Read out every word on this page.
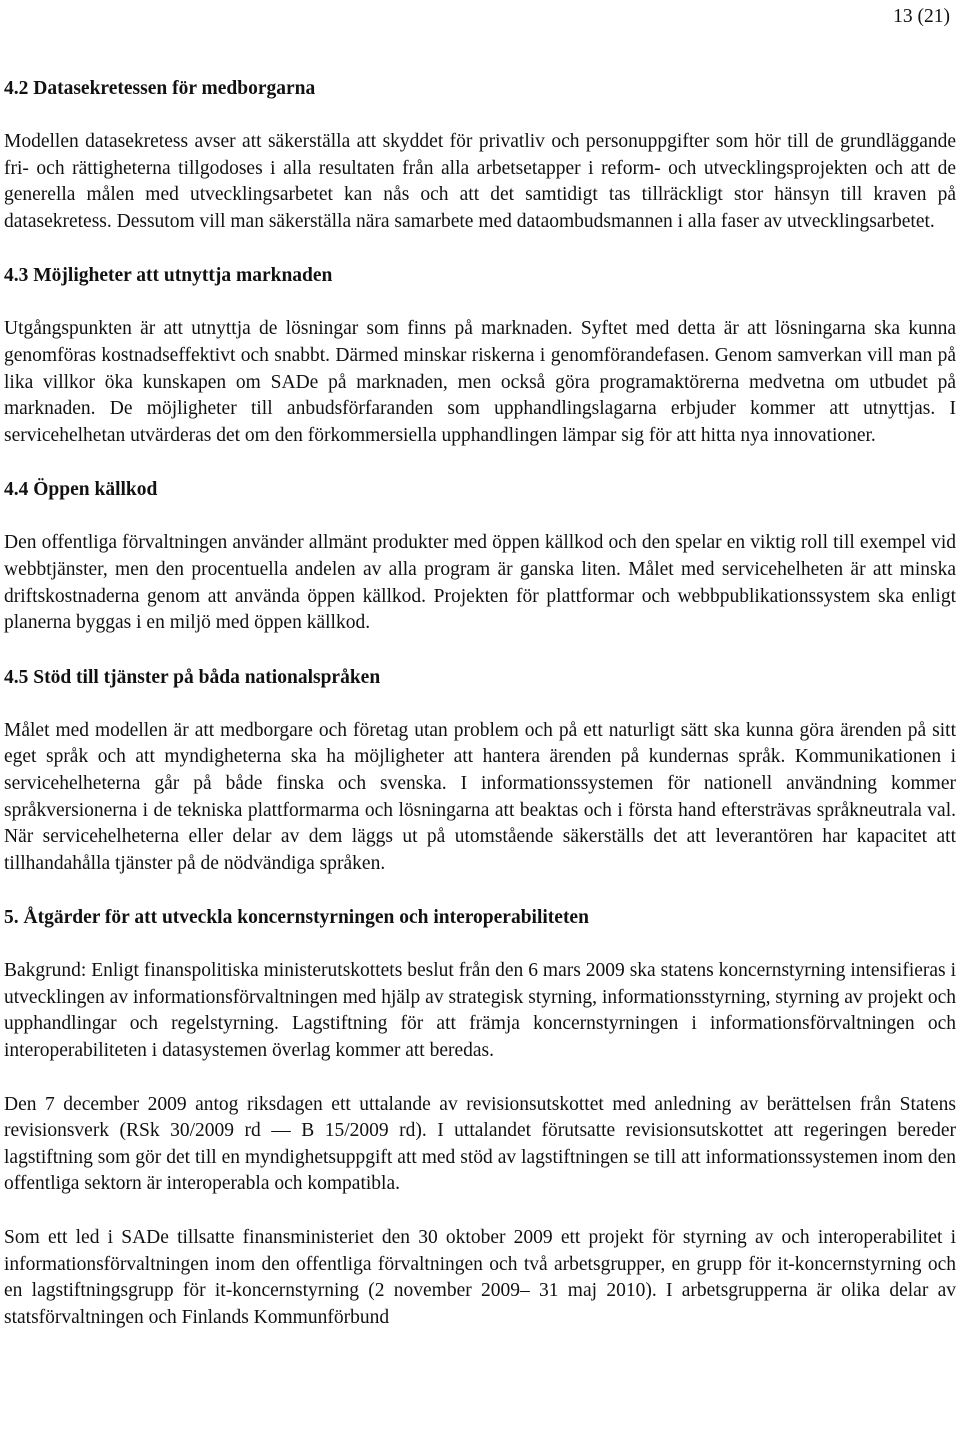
13 (21)
4.2 Datasekretessen för medborgarna

Modellen datasekretess avser att säkerställa att skyddet för privatliv och personuppgifter som hör till de grundläggande fri- och rättigheterna tillgodoses i alla resultaten från alla arbetsetapper i reform- och utvecklingsprojekten och att de generella målen med utvecklingsarbetet kan nås och att det samtidigt tas tillräckligt stor hänsyn till kraven på datasekretess. Dessutom vill man säkerställa nära samarbete med dataombudsmannen i alla faser av utvecklingsarbetet.

4.3 Möjligheter att utnyttja marknaden

Utgångspunkten är att utnyttja de lösningar som finns på marknaden. Syftet med detta är att lösningarna ska kunna genomföras kostnadseffektivt och snabbt. Därmed minskar riskerna i genomförandefasen. Genom samverkan vill man på lika villkor öka kunskapen om SADe på marknaden, men också göra programaktörerna medvetna om utbudet på marknaden. De möjligheter till anbudsförfaranden som upphandlingslagarna erbjuder kommer att utnyttjas. I servicehelhetan utvärderas det om den förkommersiella upphandlingen lämpar sig för att hitta nya innovationer.

4.4 Öppen källkod

Den offentliga förvaltningen använder allmänt produkter med öppen källkod och den spelar en viktig roll till exempel vid webbtjänster, men den procentuella andelen av alla program är ganska liten. Målet med servicehelheten är att minska driftskostnaderna genom att använda öppen källkod. Projekten för plattformar och webbpublikationssystem ska enligt planerna byggas i en miljö med öppen källkod.

4.5 Stöd till tjänster på båda nationalspråken

Målet med modellen är att medborgare och företag utan problem och på ett naturligt sätt ska kunna göra ärenden på sitt eget språk och att myndigheterna ska ha möjligheter att hantera ärenden på kundernas språk. Kommunikationen i servicehelheterna går på både finska och svenska. I informationssystemen för nationell användning kommer språkversionerna i de tekniska plattformarma och lösningarna att beaktas och i första hand eftersträvas språkneutrala val. När servicehelheterna eller delar av dem läggs ut på utomstående säkerställs det att leverantören har kapacitet att tillhandahålla tjänster på de nödvändiga språken.

5. Åtgärder för att utveckla koncernstyrningen och interoperabiliteten

Bakgrund: Enligt finanspolitiska ministerutskottets beslut från den 6 mars 2009 ska statens koncernstyrning intensifieras i utvecklingen av informationsförvaltningen med hjälp av strategisk styrning, informationsstyrning, styrning av projekt och upphandlingar och regelstyrning. Lagstiftning för att främja koncernstyrningen i informationsförvaltningen och interoperabiliteten i datasystemen överlag kommer att beredas.

Den 7 december 2009 antog riksdagen ett uttalande av revisionsutskottet med anledning av berättelsen från Statens revisionsverk (RSk 30/2009 rd — B 15/2009 rd). I uttalandet förutsatte revisionsutskottet att regeringen bereder lagstiftning som gör det till en myndighetsuppgift att med stöd av lagstiftningen se till att informationssystemen inom den offentliga sektorn är interoperabla och kompatibla.

Som ett led i SADe tillsatte finansministeriet den 30 oktober 2009 ett projekt för styrning av och interoperabilitet i informationsförvaltningen inom den offentliga förvaltningen och två arbetsgrupper, en grupp för it-koncernstyrning och en lagstiftningsgrupp för it-koncernstyrning (2 november 2009– 31 maj 2010). I arbetsgrupperna är olika delar av statsförvaltningen och Finlands Kommunförbund
